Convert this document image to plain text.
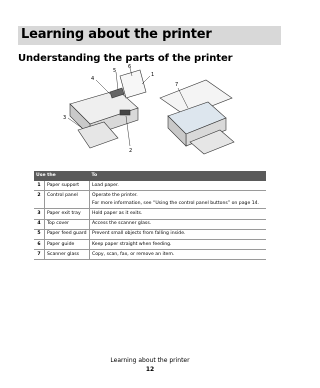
Learning about the printer
Understanding the parts of the printer
1
2
3
4
5
6
7
Use the		To
1	Paper support	Load paper.

2	Control panel	Operate the printer.
For more information, see “Using the control panel buttons” on page 14.

3	Paper exit tray	Hold paper as it exits.

4	Top cover	Access the scanner glass.

5	Paper feed guard	Prevent small objects from falling inside.

6	Paper guide	Keep paper straight when feeding.

7	Scanner glass	Copy, scan, fax, or remove an item.
Learning about the printer
12
